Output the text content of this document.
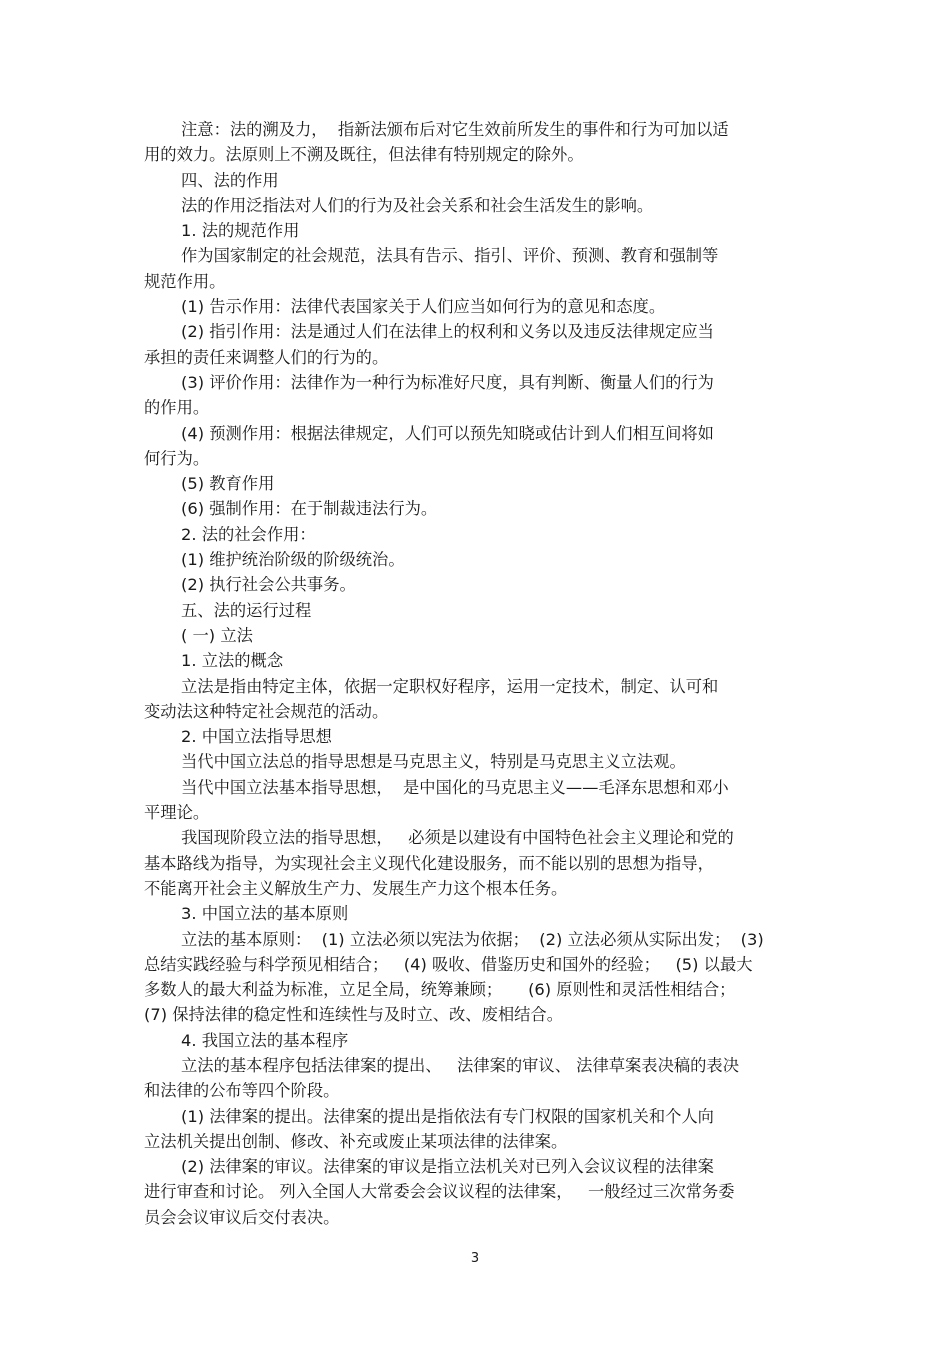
注意：法的溯及力，  指新法颁布后对它生效前所发生的事件和行为可加以适
用的效力。法原则上不溯及既往，但法律有特别规定的除外。
四、法的作用
法的作用泛指法对人们的行为及社会关系和社会生活发生的影响。
1. 法的规范作用
作为国家制定的社会规范，法具有告示、指引、评价、预测、教育和强制等
规范作用。
(1) 告示作用：法律代表国家关于人们应当如何行为的意见和态度。
(2) 指引作用：法是通过人们在法律上的权利和义务以及违反法律规定应当
承担的责任来调整人们的行为的。
(3) 评价作用：法律作为一种行为标准好尺度，具有判断、衡量人们的行为
的作用。
(4) 预测作用：根据法律规定，人们可以预先知晓或估计到人们相互间将如
何行为。
(5) 教育作用
(6) 强制作用：在于制裁违法行为。
2. 法的社会作用：
(1) 维护统治阶级的阶级统治。
(2) 执行社会公共事务。
五、法的运行过程
( 一) 立法
1. 立法的概念
立法是指由特定主体，依据一定职权好程序，运用一定技术，制定、认可和
变动法这种特定社会规范的活动。
2. 中国立法指导思想
当代中国立法总的指导思想是马克思主义，特别是马克思主义立法观。
当代中国立法基本指导思想，  是中国化的马克思主义——毛泽东思想和邓小
平理论。
我国现阶段立法的指导思想，   必须是以建设有中国特色社会主义理论和党的
基本路线为指导，为实现社会主义现代化建设服务，而不能以别的思想为指导，
不能离开社会主义解放生产力、发展生产力这个根本任务。
3. 中国立法的基本原则
立法的基本原则：  (1) 立法必须以宪法为依据；  (2) 立法必须从实际出发；  (3)
总结实践经验与科学预见相结合；   (4) 吸收、借鉴历史和国外的经验；   (5) 以最大
多数人的最大利益为标准，立足全局，统筹兼顾；     (6) 原则性和灵活性相结合；
(7) 保持法律的稳定性和连续性与及时立、改、废相结合。
4. 我国立法的基本程序
立法的基本程序包括法律案的提出、   法律案的审议、 法律草案表决稿的表决
和法律的公布等四个阶段。
(1) 法律案的提出。法律案的提出是指依法有专门权限的国家机关和个人向
立法机关提出创制、修改、补充或废止某项法律的法律案。
(2) 法律案的审议。法律案的审议是指立法机关对已列入会议议程的法律案
进行审查和讨论。 列入全国人大常委会会议议程的法律案，   一般经过三次常务委
员会会议审议后交付表决。
3
